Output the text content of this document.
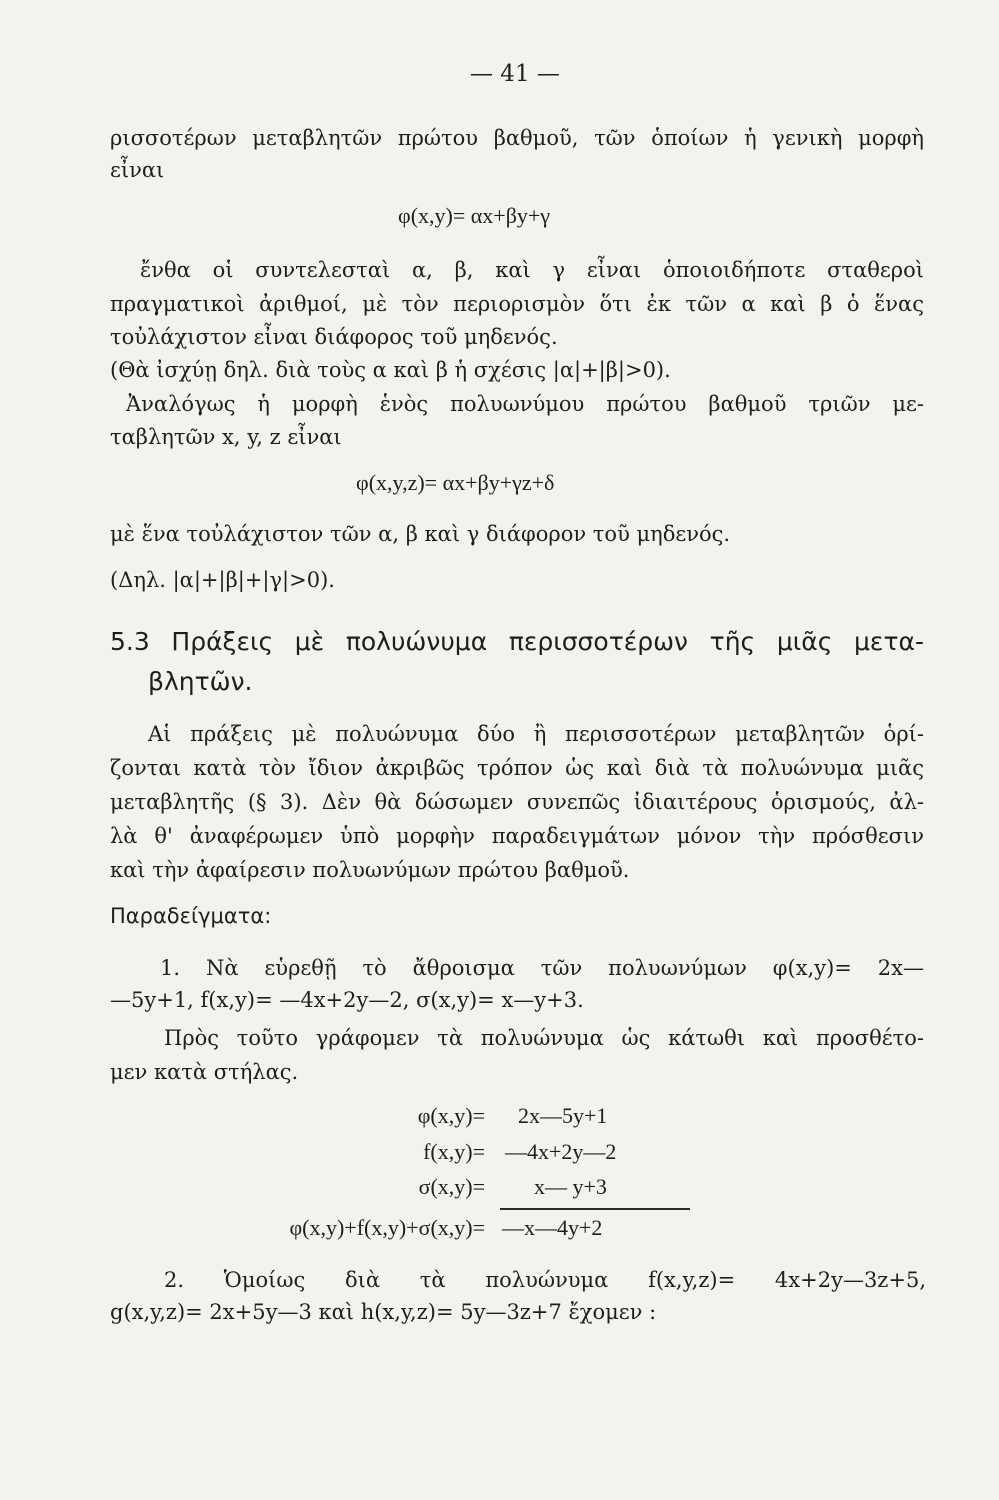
— 41 —
ρισσοτέρων μεταβλητῶν πρώτου βαθμοῦ, τῶν ὁποίων ἡ γενικὴ μορφὴ
εἶναι
φ(x,y)= αx+βy+γ
ἔνθα οἱ συντελεσταὶ α, β, καὶ γ εἶναι ὁποιοιδήποτε σταθεροὶ
πραγματικοὶ ἀριθμοί, μὲ τὸν περιορισμὸν ὅτι ἐκ τῶν α καὶ β ὁ ἕνας
τοὐλάχιστον εἶναι διάφορος τοῦ μηδενός.
(Θὰ ἰσχύῃ δηλ. διὰ τοὺς α καὶ β ἡ σχέσις |α|+|β|>0).
Ἀναλόγως ἡ μορφὴ ἑνὸς πολυωνύμου πρώτου βαθμοῦ τριῶν με-
ταβλητῶν x, y, z εἶναι
φ(x,y,z)= αx+βy+γz+δ
μὲ ἕνα τοὐλάχιστον τῶν α, β καὶ γ διάφορον τοῦ μηδενός.
(Δηλ. |α|+|β|+|γ|>0).
5.3 Πράξεις μὲ πολυώνυμα περισσοτέρων τῆς μιᾶς μετα-
βλητῶν.
Αἱ πράξεις μὲ πολυώνυμα δύο ἢ περισσοτέρων μεταβλητῶν ὁρί-
ζονται κατὰ τὸν ἴδιον ἀκριβῶς τρόπον ὡς καὶ διὰ τὰ πολυώνυμα μιᾶς
μεταβλητῆς (§ 3). Δὲν θὰ δώσωμεν συνεπῶς ἰδιαιτέρους ὁρισμούς, ἀλ-
λὰ θ' ἀναφέρωμεν ὑπὸ μορφὴν παραδειγμάτων μόνον τὴν πρόσθεσιν
καὶ τὴν ἀφαίρεσιν πολυωνύμων πρώτου βαθμοῦ.
Παραδείγματα:
1. Νὰ εὑρεθῇ τὸ ἄθροισμα τῶν πολυωνύμων φ(x,y)= 2x—
—5y+1, f(x,y)= —4x+2y—2, σ(x,y)= x—y+3.
Πρὸς τοῦτο γράφομεν τὰ πολυώνυμα ὡς κάτωθι καὶ προσθέτο-
μεν κατὰ στήλας.
φ(x,y)= 2x—5y+1
f(x,y)= —4x+2y—2
σ(x,y)= x— y+3
φ(x,y)+f(x,y)+σ(x,y)= —x—4y+2
2. Ὁμοίως διὰ τὰ πολυώνυμα f(x,y,z)= 4x+2y—3z+5,
g(x,y,z)= 2x+5y—3 καὶ h(x,y,z)= 5y—3z+7 ἔχομεν :
